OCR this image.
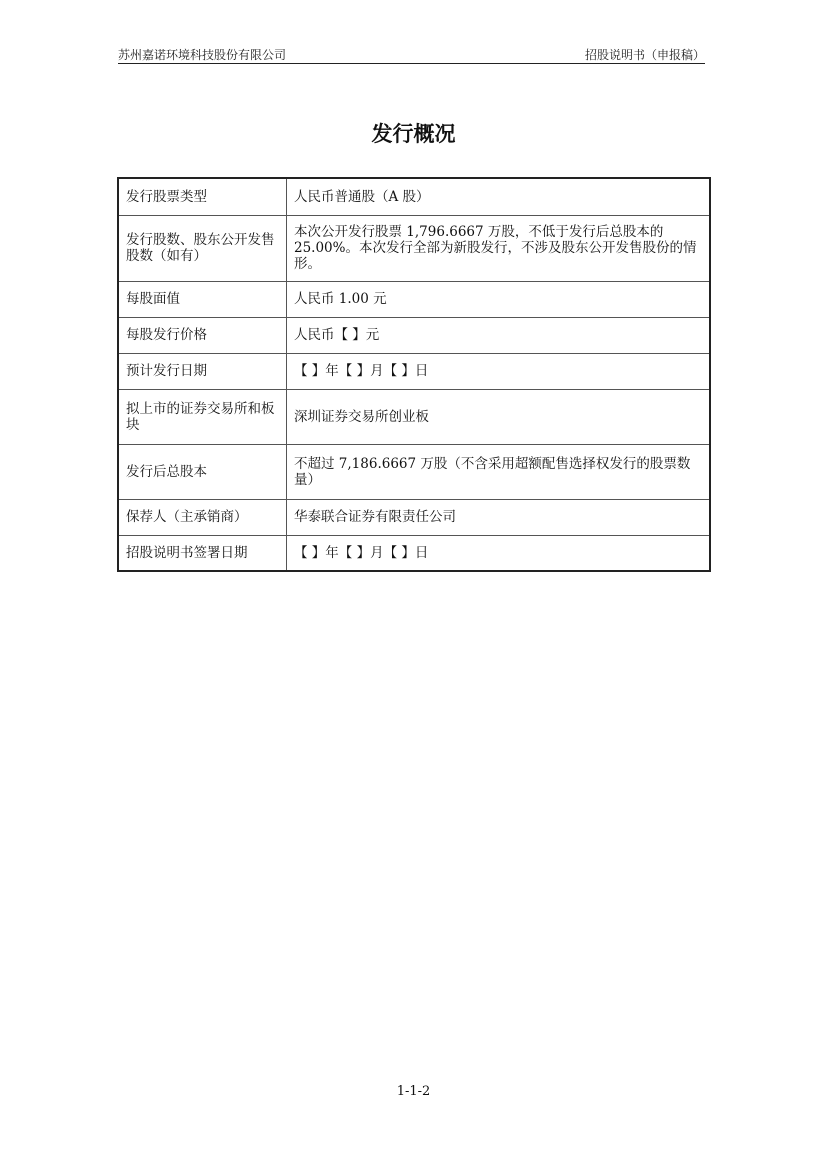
苏州嘉诺环境科技股份有限公司	招股说明书（申报稿）
发行概况
发行股票类型	人民币普通股（A 股）
发行股数、股东公开发售股数（如有）	本次公开发行股票 1,796.6667 万股，不低于发行后总股本的 25.00%。本次发行全部为新股发行，不涉及股东公开发售股份的情形。
每股面值	人民币 1.00 元
每股发行价格	人民币【 】元
预计发行日期	【 】年【 】月【 】日
拟上市的证券交易所和板块	深圳证券交易所创业板
发行后总股本	不超过 7,186.6667 万股（不含采用超额配售选择权发行的股票数量）
保荐人（主承销商）	华泰联合证券有限责任公司
招股说明书签署日期	【 】年【 】月【 】日
1-1-2
